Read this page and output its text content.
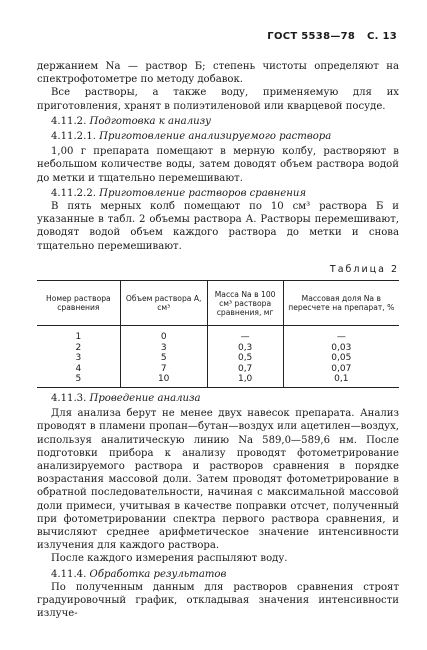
ГОСТ 5538—78 С. 13

держанием Na — раствор Б; степень чистоты определяют на спектрофотометре по методу добавок.

Все растворы, а также воду, применяемую для их приготовления, хранят в полиэтиленовой или кварцевой посуде.

4.11.2. Подготовка к анализу

4.11.2.1. Приготовление анализируемого раствора

1,00 г препарата помещают в мерную колбу, растворяют в небольшом количестве воды, затем доводят объем раствора водой до метки и тщательно перемешивают.

4.11.2.2. Приготовление растворов сравнения

В пять мерных колб помещают по 10 см³ раствора Б и указанные в табл. 2 объемы раствора А. Растворы перемешивают, доводят водой объем каждого раствора до метки и снова тщательно перемешивают.

Таблица 2
Номер раствора сравнения	Объем раствора А, см³	Масса Na в 100 см³ раствора сравнения, мг	Массовая доля Na в пересчете на препарат, %
1	0	—	—
2	3	0,3	0,03
3	5	0,5	0,05
4	7	0,7	0,07
5	10	1,0	0,1

4.11.3. Проведение анализа

Для анализа берут не менее двух навесок препарата. Анализ проводят в пламени пропан—бутан—воздух или ацетилен—воздух, используя аналитическую линию Na 589,0—589,6 нм. После подготовки прибора к анализу проводят фотометрирование анализируемого раствора и растворов сравнения в порядке возрастания массовой доли. Затем проводят фотометрирование в обратной последовательности, начиная с максимальной массовой доли примеси, учитывая в качестве поправки отсчет, полученный при фотометрировании спектра первого раствора сравнения, и вычисляют среднее арифметическое значение интенсивности излучения для каждого раствора.

После каждого измерения распыляют воду.

4.11.4. Обработка результатов

По полученным данным для растворов сравнения строят градуировочный график, откладывая значения интенсивности излуче-
